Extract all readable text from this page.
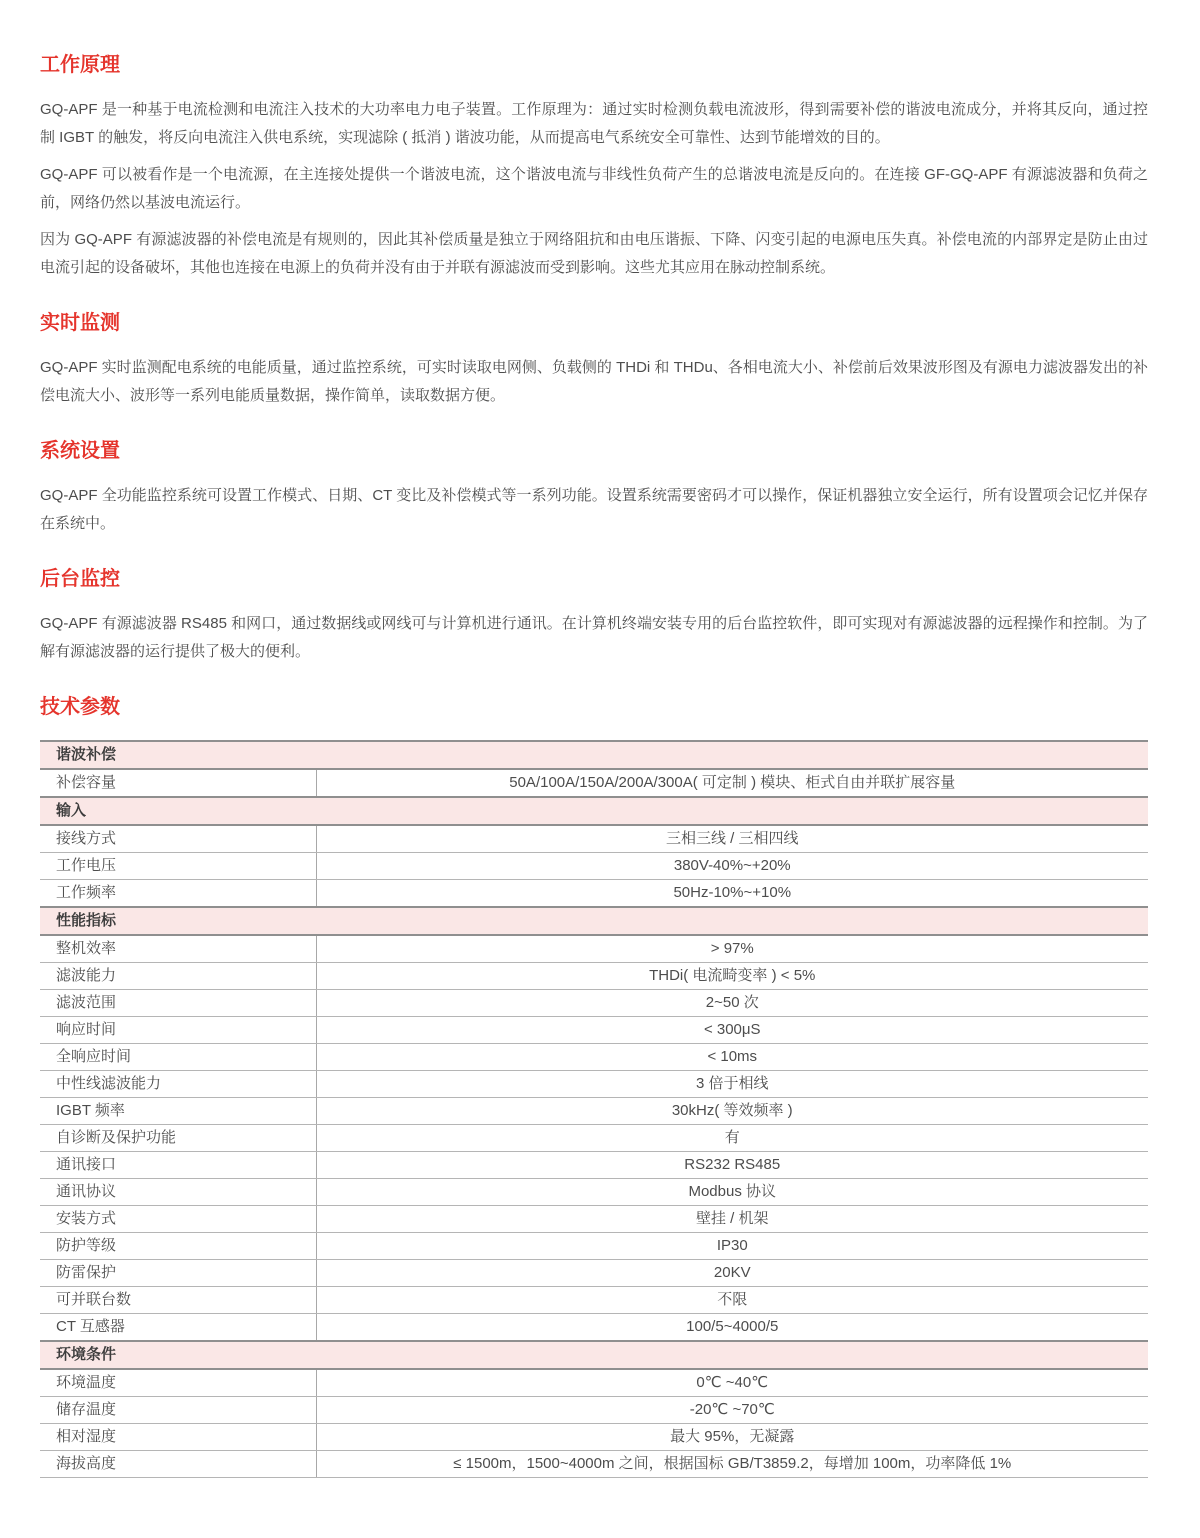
工作原理

GQ-APF 是一种基于电流检测和电流注入技术的大功率电力电子装置。工作原理为：通过实时检测负载电流波形，得到需要补偿的谐波电流成分，并将其反向，通过控制 IGBT 的触发，将反向电流注入供电系统，实现滤除 ( 抵消 ) 谐波功能，从而提高电气系统安全可靠性、达到节能增效的目的。

GQ-APF 可以被看作是一个电流源，在主连接处提供一个谐波电流，这个谐波电流与非线性负荷产生的总谐波电流是反向的。在连接 GF-GQ-APF 有源滤波器和负荷之前，网络仍然以基波电流运行。

因为 GQ-APF 有源滤波器的补偿电流是有规则的，因此其补偿质量是独立于网络阻抗和由电压谐振、下降、闪变引起的电源电压失真。补偿电流的内部界定是防止由过电流引起的设备破坏，其他也连接在电源上的负荷并没有由于并联有源滤波而受到影响。这些尤其应用在脉动控制系统。

实时监测

GQ-APF 实时监测配电系统的电能质量，通过监控系统，可实时读取电网侧、负载侧的 THDi 和 THDu、各相电流大小、补偿前后效果波形图及有源电力滤波器发出的补偿电流大小、波形等一系列电能质量数据，操作简单，读取数据方便。

系统设置

GQ-APF 全功能监控系统可设置工作模式、日期、CT 变比及补偿模式等一系列功能。设置系统需要密码才可以操作，保证机器独立安全运行，所有设置项会记忆并保存在系统中。

后台监控

GQ-APF 有源滤波器 RS485 和网口，通过数据线或网线可与计算机进行通讯。在计算机终端安装专用的后台监控软件，即可实现对有源滤波器的远程操作和控制。为了解有源滤波器的运行提供了极大的便利。

技术参数
谐波补偿	
补偿容量	50A/100A/150A/200A/300A( 可定制 ) 模块、柜式自由并联扩展容量
输入	
接线方式	三相三线 / 三相四线
工作电压	380V-40%~+20%
工作频率	50Hz-10%~+10%
性能指标	
整机效率	> 97%
滤波能力	THDi( 电流畸变率 ) < 5%
滤波范围	2~50 次
响应时间	< 300μS
全响应时间	< 10ms
中性线滤波能力	3 倍于相线
IGBT 频率	30kHz( 等效频率 )
自诊断及保护功能	有
通讯接口	RS232 RS485
通讯协议	Modbus 协议
安装方式	壁挂 / 机架
防护等级	IP30
防雷保护	20KV
可并联台数	不限
CT 互感器	100/5~4000/5
环境条件	
环境温度	0℃ ~40℃
储存温度	-20℃ ~70℃
相对湿度	最大 95%，无凝露
海拔高度	≤ 1500m，1500~4000m 之间，根据国标 GB/T3859.2，每增加 100m，功率降低 1%
